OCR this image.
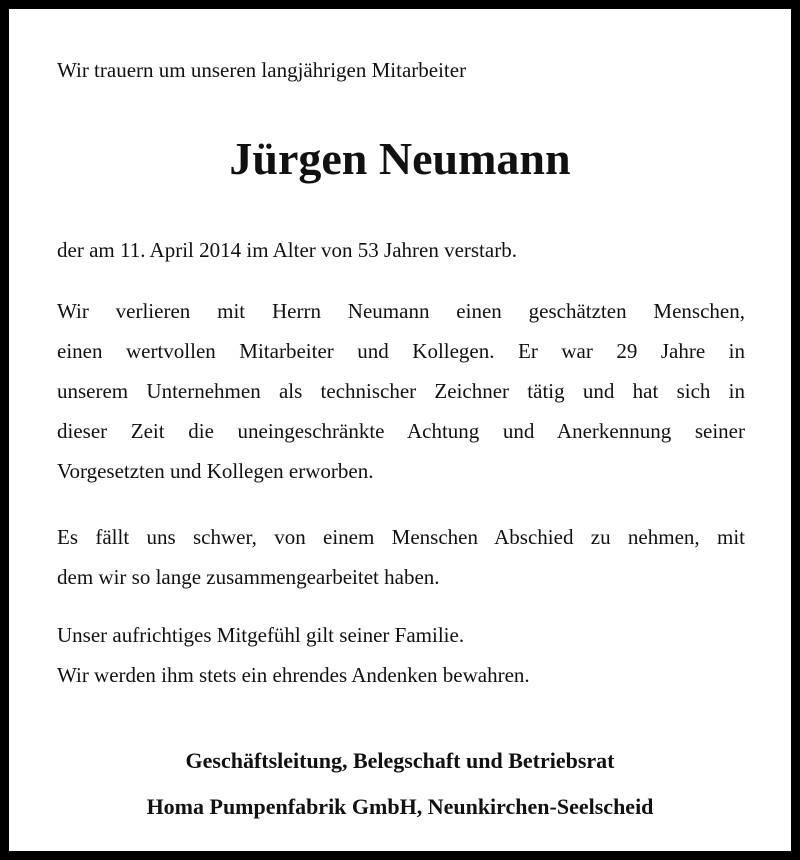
Wir trauern um unseren langjährigen Mitarbeiter
Jürgen Neumann
der am 11. April 2014 im Alter von 53 Jahren verstarb.

Wir verlieren mit Herrn Neumann einen geschätzten Menschen,
einen wertvollen Mitarbeiter und Kollegen. Er war 29 Jahre in
unserem Unternehmen als technischer Zeichner tätig und hat sich in
dieser Zeit die uneingeschränkte Achtung und Anerkennung seiner
Vorgesetzten und Kollegen erworben.

Es fällt uns schwer, von einem Menschen Abschied zu nehmen, mit
dem wir so lange zusammengearbeitet haben.

Unser aufrichtiges Mitgefühl gilt seiner Familie.
Wir werden ihm stets ein ehrendes Andenken bewahren.

Geschäftsleitung, Belegschaft und Betriebsrat
Homa Pumpenfabrik GmbH, Neunkirchen-Seelscheid
